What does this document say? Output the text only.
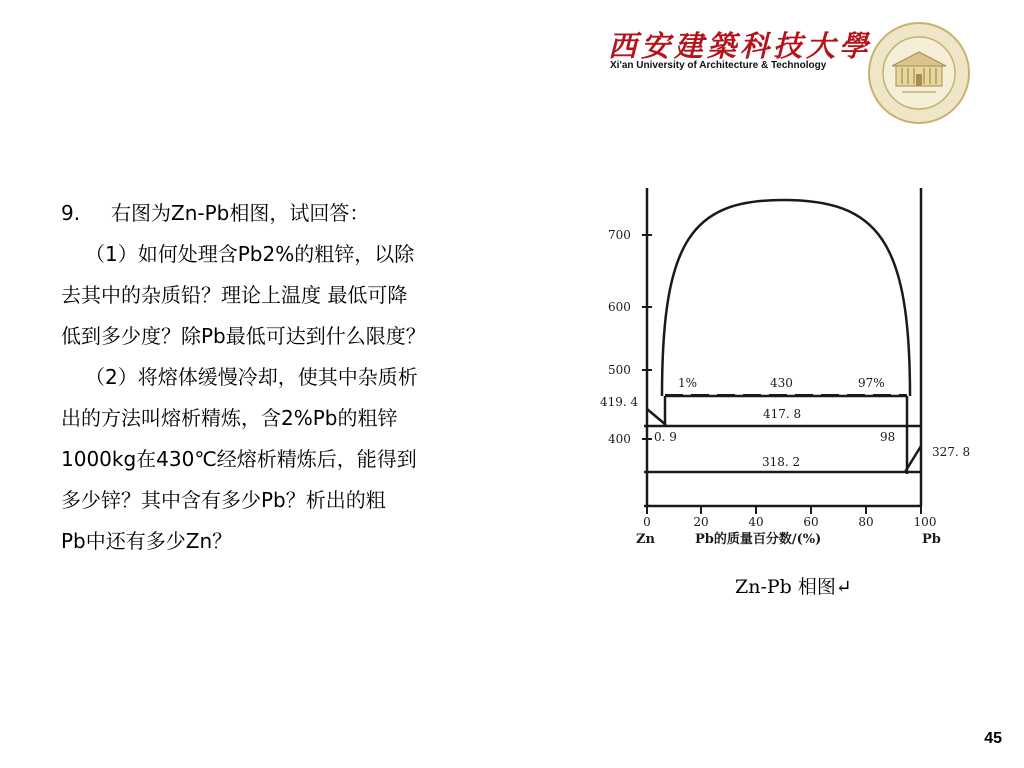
西安建築科技大學
Xi'an University of Architecture & Technology

9. 右图为Zn-Pb相图，试回答：

（1）如何处理含Pb2%的粗锌，以除

去其中的杂质铅？理论上温度 最低可降

低到多少度？除Pb最低可达到什么限度？

（2）将熔体缓慢冷却，使其中杂质析

出的方法叫熔析精炼，含2%Pb的粗锌

1000kg在430℃经熔析精炼后，能得到

多少锌？其中含有多少Pb？析出的粗

Pb中还有多少Zn？

700
600
500
400
0	20	40	60	80	100
Zn	Pb的质量百分数/(%)	Pb
419. 4
327. 8
417. 8
318. 2
1%	430	97%
0. 9	98
Zn-Pb 相图↵
45
